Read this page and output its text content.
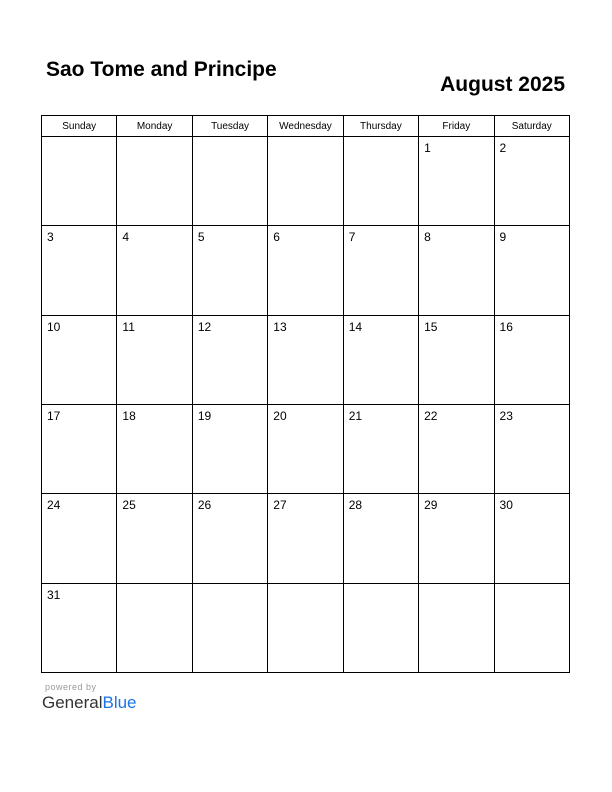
Sao Tome and Principe
August 2025
Sunday	Monday	Tuesday	Wednesday	Thursday	Friday	Saturday

					1	2

3	4	5	6	7	8	9

10	11	12	13	14	15	16

17	18	19	20	21	22	23

24	25	26	27	28	29	30

31						

powered by
GeneralBlue
